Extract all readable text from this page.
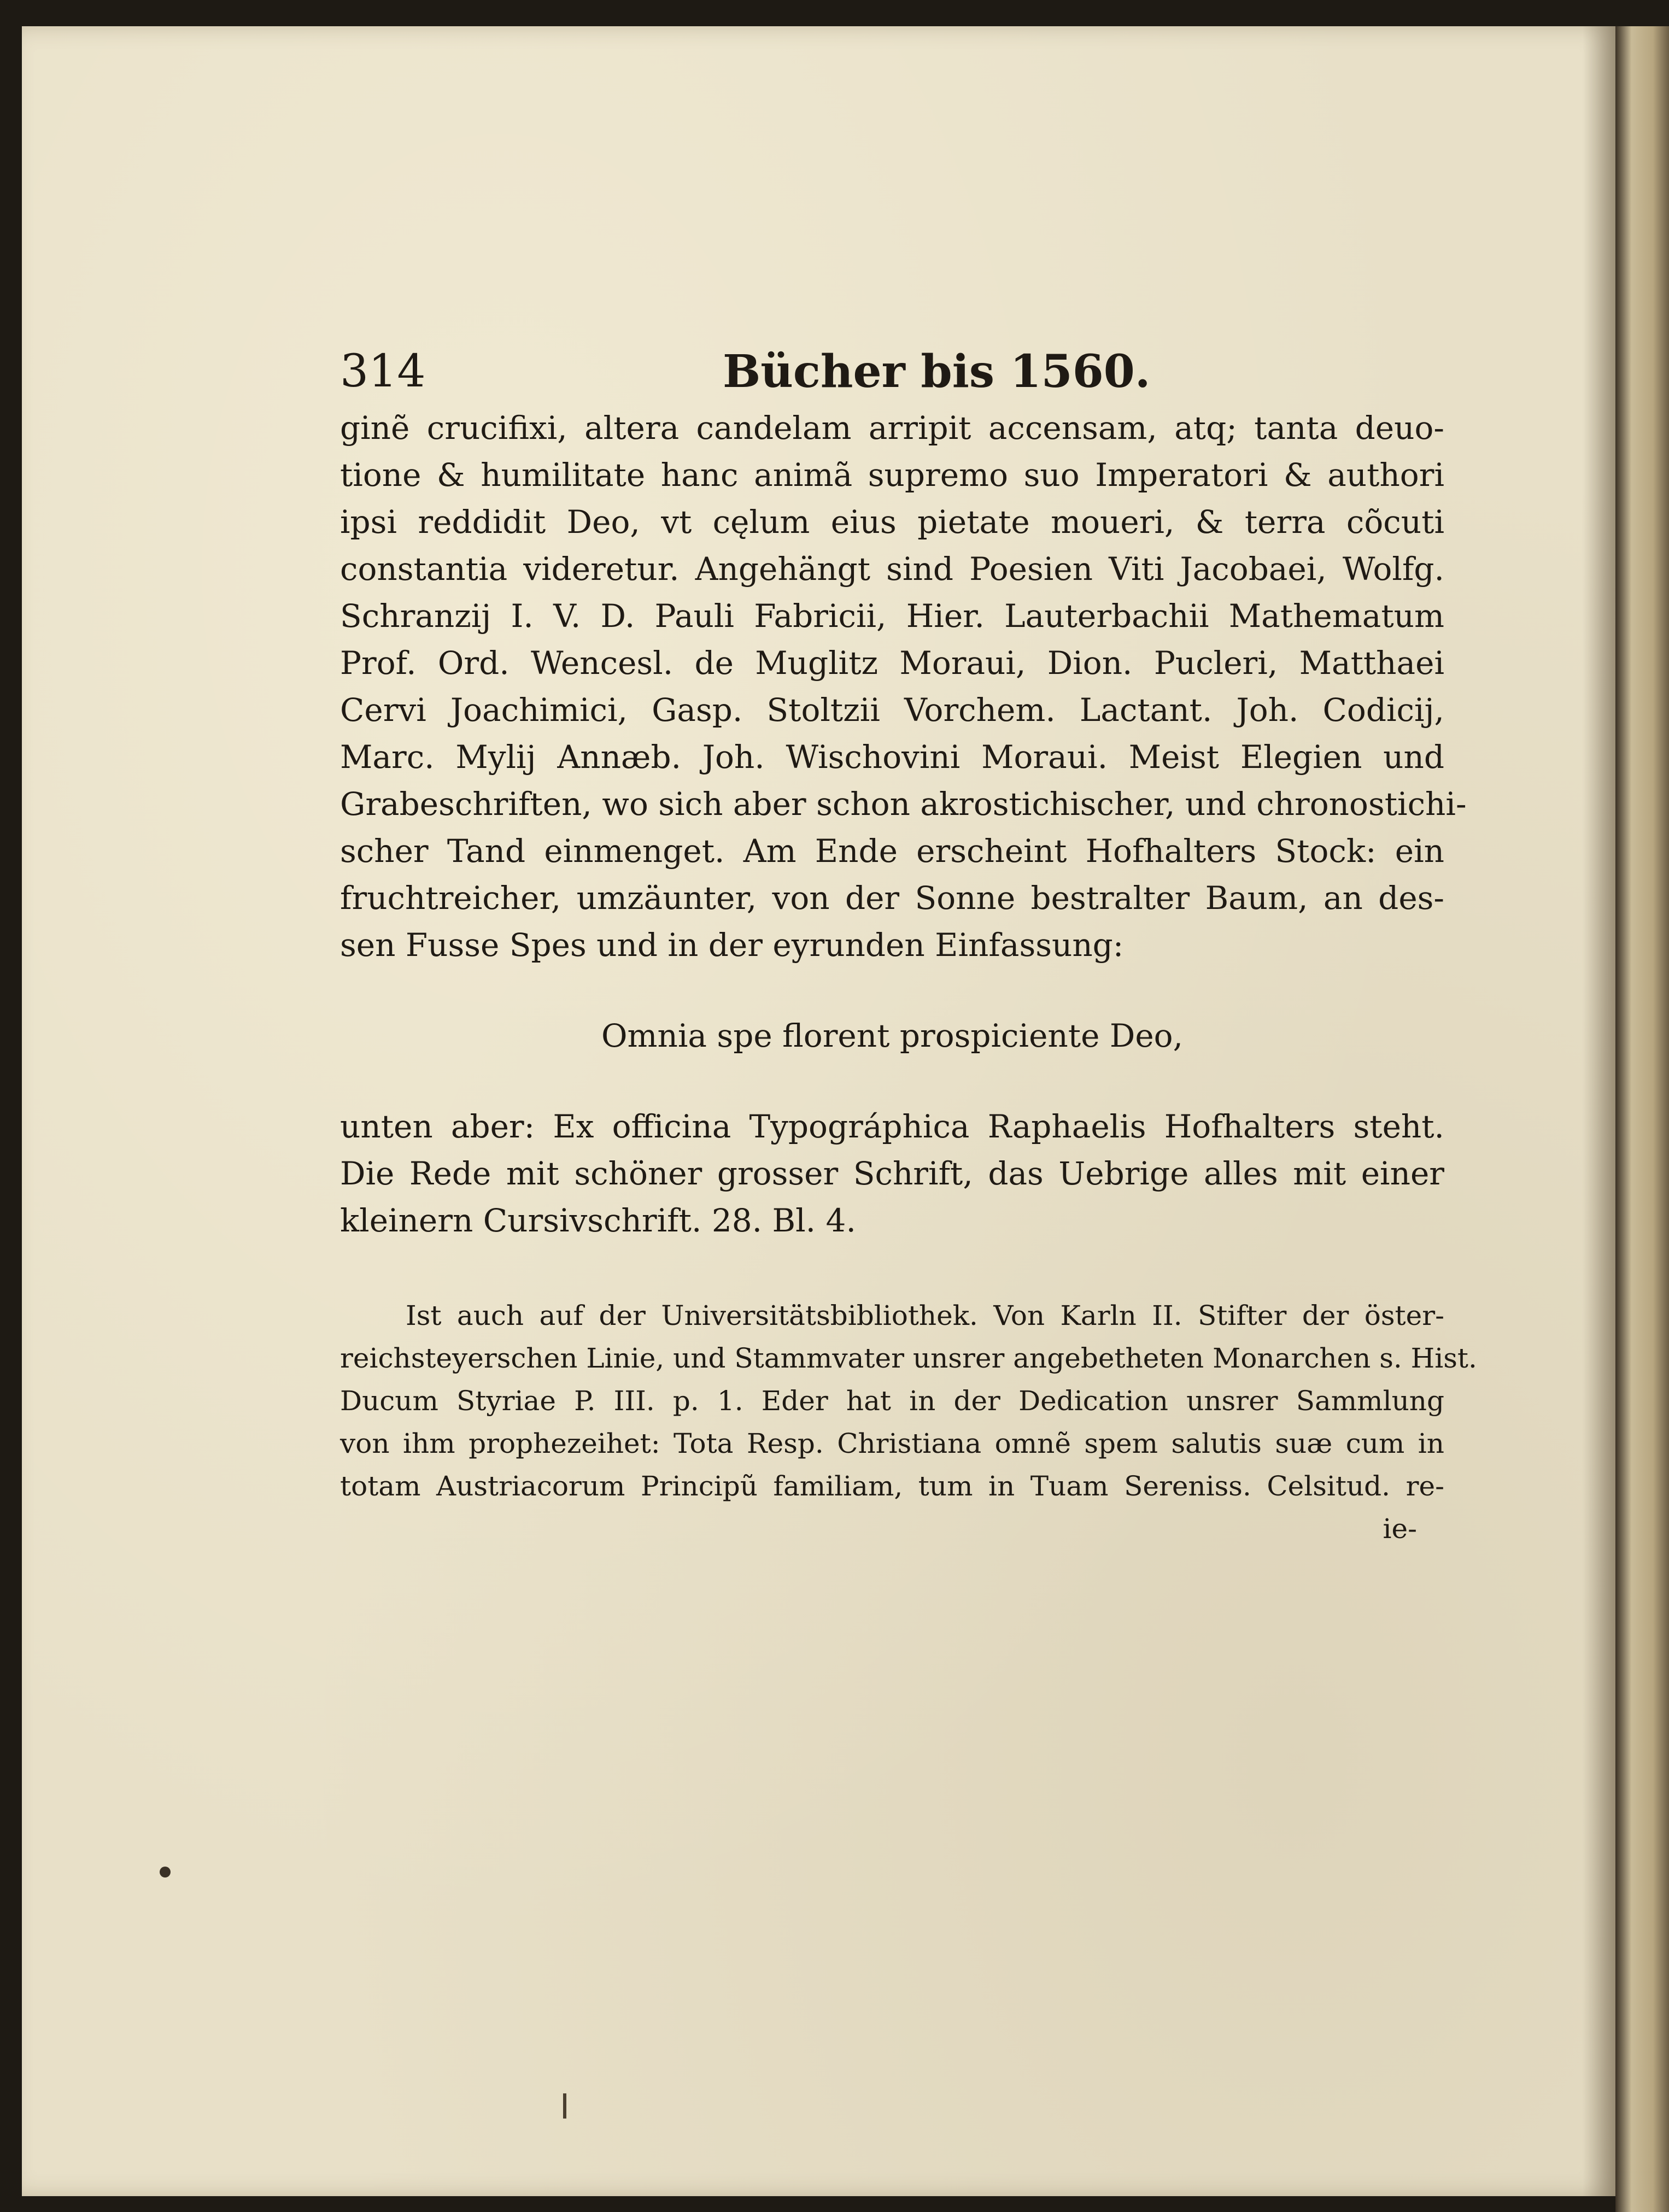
314	Bücher bis 1560.
ginẽ crucifixi, altera candelam arripit accensam, atq; tanta deuo-
tione & humilitate hanc animã supremo suo Imperatori & authori
ipsi reddidit Deo, vt cęlum eius pietate moueri, & terra cõcuti
constantia videretur. Angehängt sind Poesien Viti Jacobaei, Wolfg.
Schranzij I. V. D. Pauli Fabricii, Hier. Lauterbachii Mathematum
Prof. Ord. Wencesl. de Muglitz Moraui, Dion. Pucleri, Matthaei
Cervi Joachimici, Gasp. Stoltzii Vorchem. Lactant. Joh. Codicij,
Marc. Mylij Annæb. Joh. Wischovini Moraui. Meist Elegien und
Grabeschriften, wo sich aber schon akrostichischer, und chronostichi-
scher Tand einmenget. Am Ende erscheint Hofhalters Stock: ein
fruchtreicher, umzäunter, von der Sonne bestralter Baum, an des-
sen Fusse Spes und in der eyrunden Einfassung:
Omnia spe florent prospiciente Deo,
unten aber: Ex officina Typográphica Raphaelis Hofhalters steht.
Die Rede mit schöner grosser Schrift, das Uebrige alles mit einer
kleinern Cursivschrift. 28. Bl. 4.
Ist auch auf der Universitätsbibliothek. Von Karln II. Stifter der öster-
reichsteyerschen Linie, und Stammvater unsrer angebetheten Monarchen s. Hist.
Ducum Styriae P. III. p. 1. Eder hat in der Dedication unsrer Sammlung
von ihm prophezeihet: Tota Resp. Christiana omnẽ spem salutis suæ cum in
totam Austriacorum Principũ familiam, tum in Tuam Sereniss. Celsitud. re-
ie-
